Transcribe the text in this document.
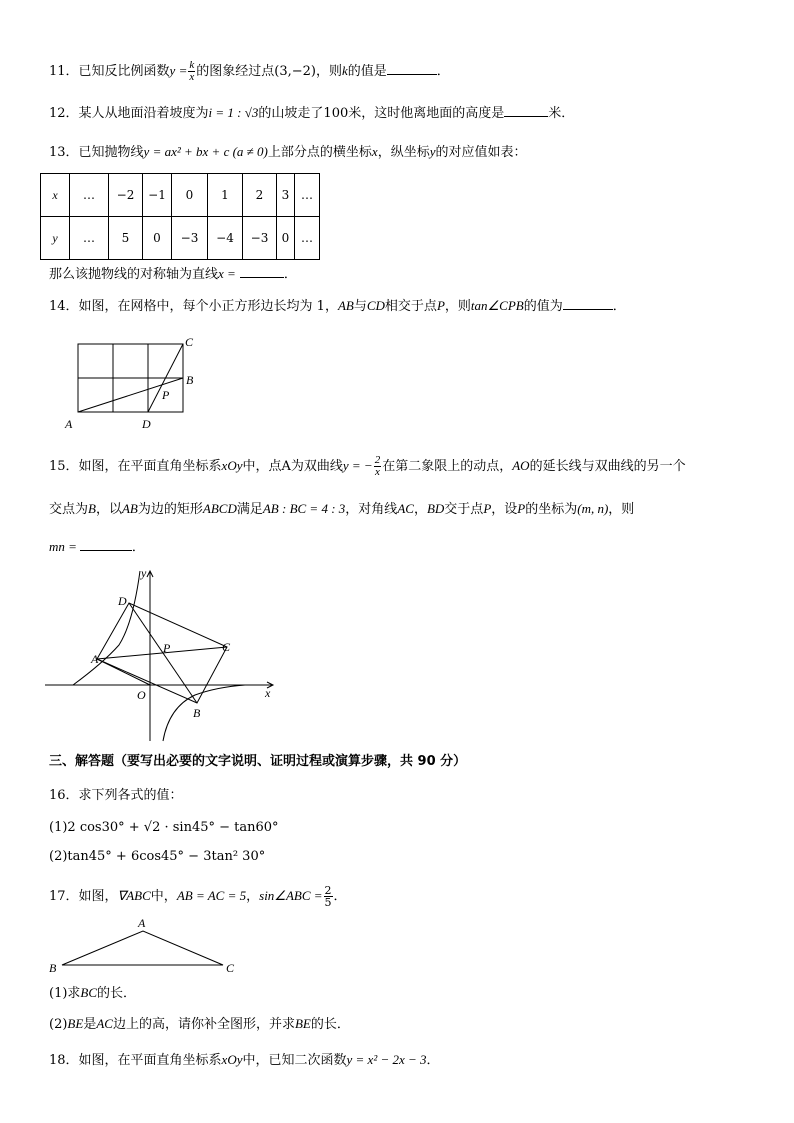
11．已知反比例函数$y = \frac{k}{x}$ 的图象经过点(3,−2)，则k的值是	．
12．某人从地面沿着坡度为i = 1 : √3的山坡走了100米，这时他离地面的高度是	米．
13．已知抛物线y = ax² + bx + c (a ≠ 0)上部分点的横坐标x，纵坐标y的对应值如表：
x	…	−2	−1	0	1	2	3	…
y	…	5	0	−3	−4	−3	0	…
那么该抛物线的对称轴为直线x =	．
14．如图，在网格中，每个小正方形边长均为 1，AB与CD相交于点P，则tan∠CPB的值为	．
A	D
B
C
P
15．如图，在平面直角坐标系xOy中，点A为双曲线y = − $\frac{2}{x}$ 在第二象限上的动点，AO的延长线与双曲线的另一个
交点为B，以AB为边的矩形ABCD满足AB : BC = 4 : 3，对角线AC，BD交于点P，设P的坐标为(m, n)，则
mn =	．
y
x
O
A
D
C
B
P
三、解答题（要写出必要的文字说明、证明过程或演算步骤，共 90 分）
16．求下列各式的值：
(1)2 cos30° + √2 · sin45° − tan60°
(2)tan45° + 6cos45° − 3tan² 30°
17．如图，∇ABC中，AB = AC = 5，sin∠ABC = $\frac{2}{5}$ ．
A
B	C
(1)求BC的长．
(2)BE是AC边上的高，请你补全图形，并求BE的长．
18．如图，在平面直角坐标系xOy中，已知二次函数y = x² − 2x − 3．
